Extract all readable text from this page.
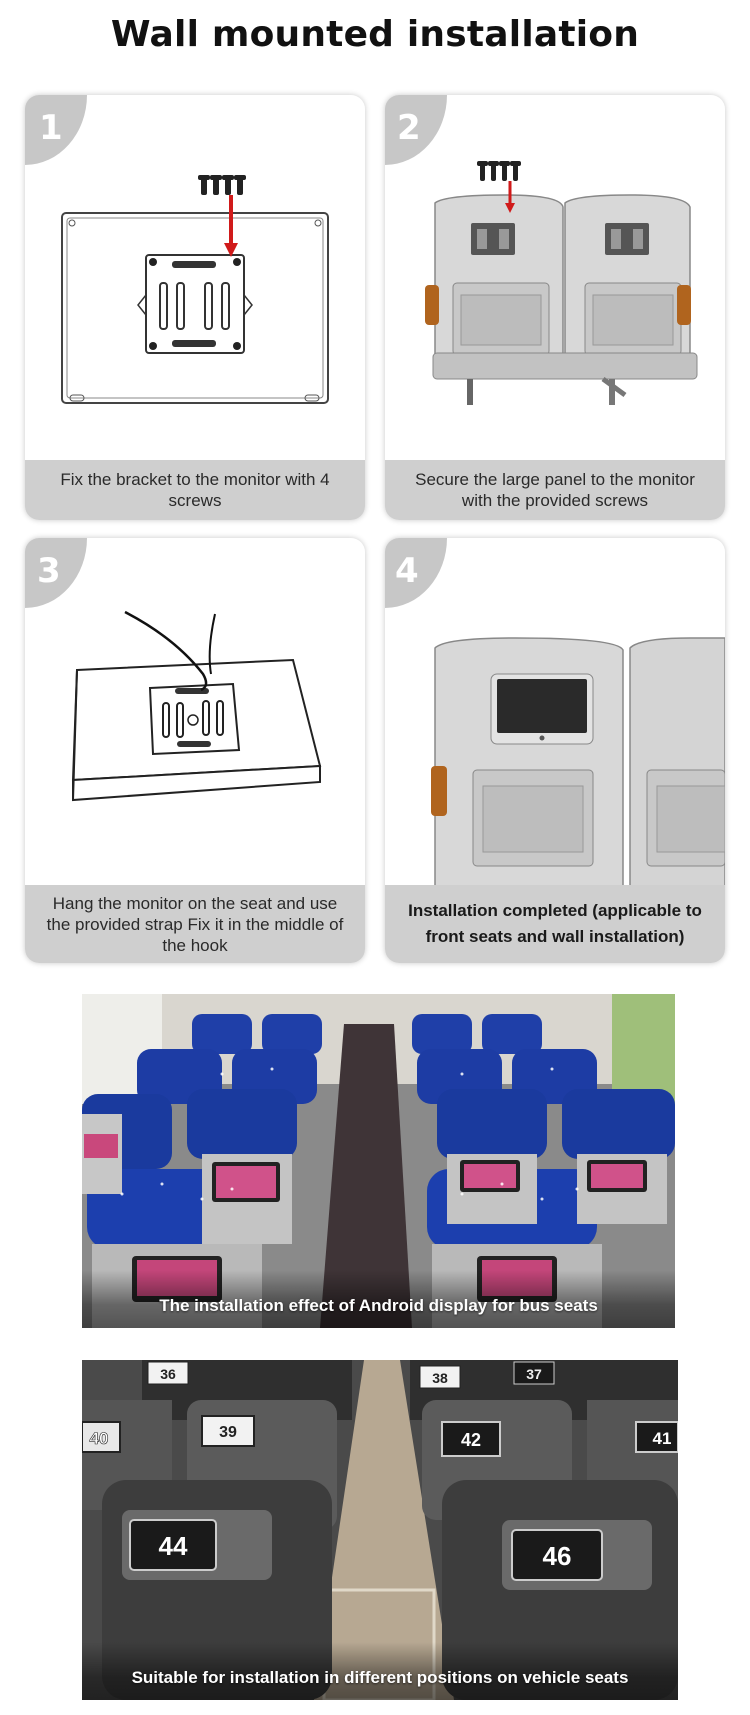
Wall mounted installation
1
Fix the bracket to the monitor with 4 screws
2
Secure the large panel to the monitor with the provided screws
3
Hang the monitor on the seat and use the provided strap Fix it in the middle of the hook
4
Installation completed (applicable to front seats and wall installation)
The installation effect of Android display for bus seats
36	37
38
39
40	41
42
44	46
Suitable for installation in different positions on vehicle seats
